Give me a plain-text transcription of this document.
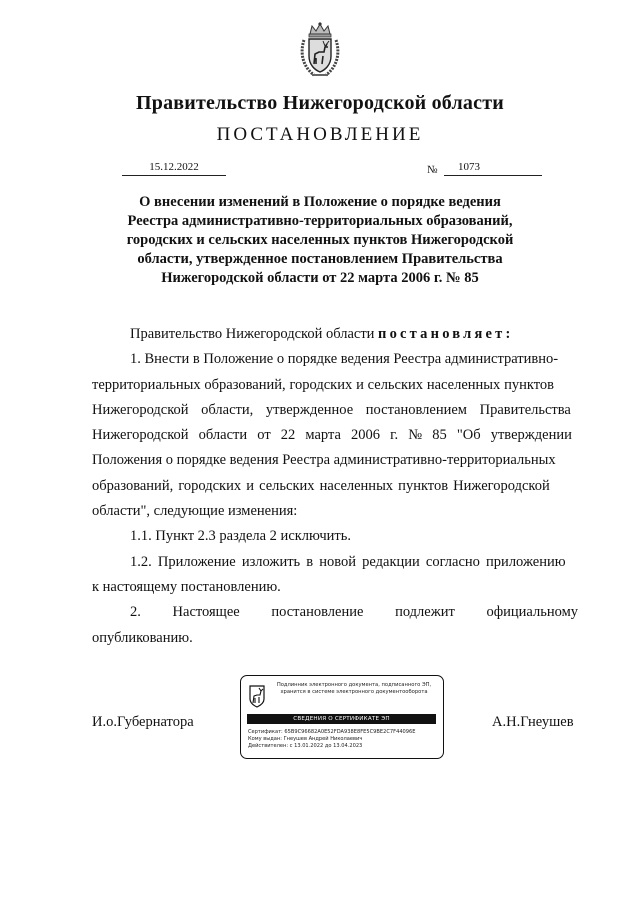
Правительство Нижегородской области
ПОСТАНОВЛЕНИЕ
15.12.2022	№	1073
О внесении изменений в Положение о порядке ведения
Реестра административно-территориальных образований,
городских и сельских населенных пунктов Нижегородской
области, утвержденное постановлением Правительства
Нижегородской области от 22 марта 2006 г. № 85
Правительство Нижегородской области постановляет:
1. Внести в Положение о порядке ведения Реестра административно-
территориальных образований, городских и сельских населенных пунктов
Нижегородской области, утвержденное постановлением Правительства
Нижегородской области от 22 марта 2006 г. № 85 "Об утверждении
Положения о порядке ведения Реестра административно-территориальных
образований, городских и сельских населенных пунктов Нижегородской
области", следующие изменения:
1.1. Пункт 2.3 раздела 2 исключить.
1.2. Приложение изложить в новой редакции согласно приложению
к настоящему постановлению.
2. Настоящее постановление подлежит официальному
опубликованию.
И.о.Губернатора	А.Н.Гнеушев
Подлинник электронного документа, подписанного ЭП,
хранится в системе электронного документооборота
СВЕДЕНИЯ О СЕРТИФИКАТЕ ЭП
Сертификат: 65B9C96682A0E52FDA938E8FE5C9BE2C7F44096E
Кому выдан: Гнеушев Андрей Николаевич
Действителен: с 13.01.2022 до 13.04.2023
